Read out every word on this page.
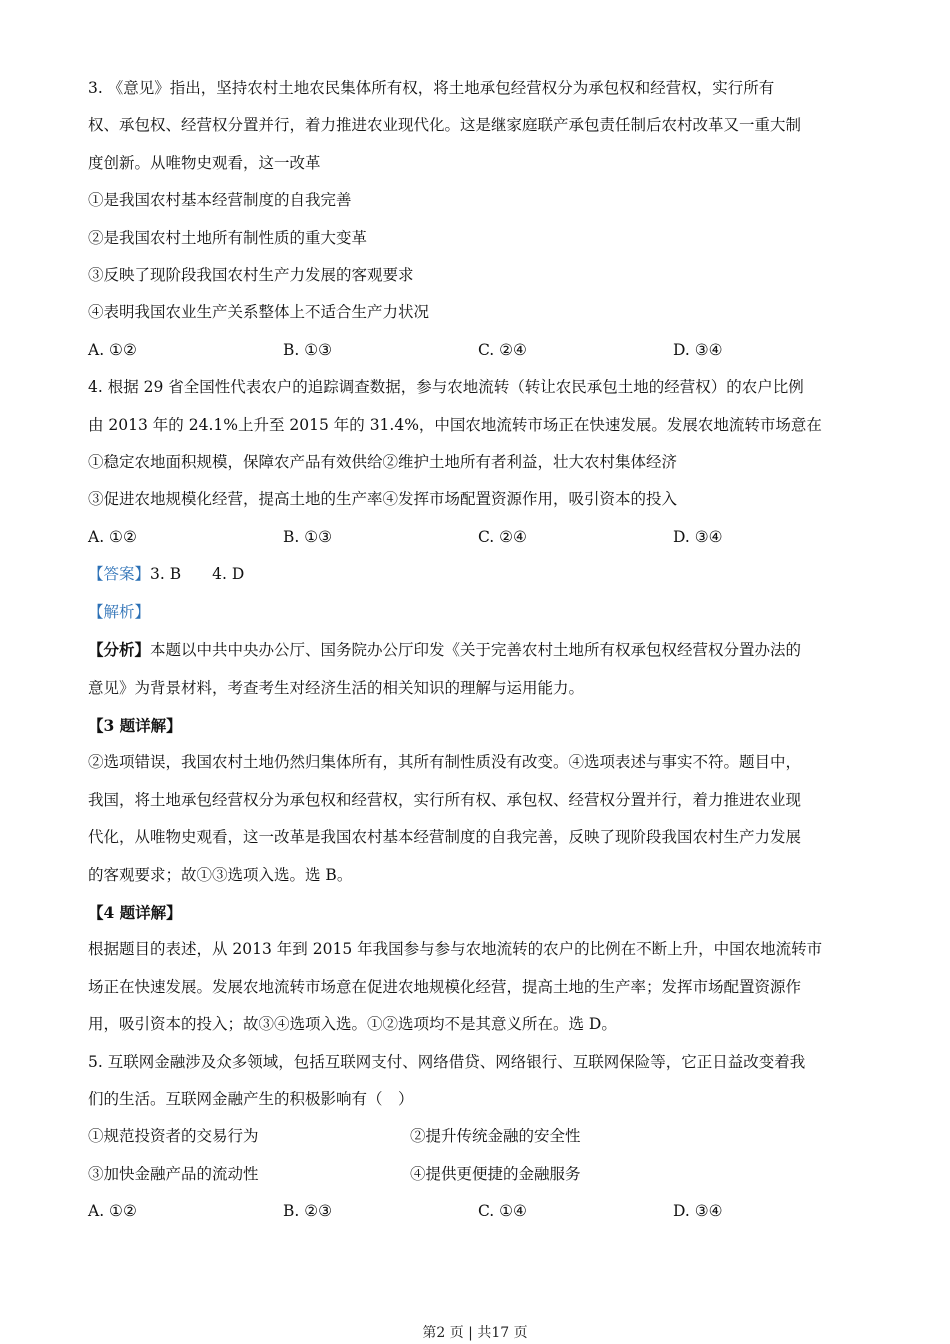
3. 《意见》指出，坚持农村土地农民集体所有权，将土地承包经营权分为承包权和经营权，实行所有

权、承包权、经营权分置并行，着力推进农业现代化。这是继家庭联产承包责任制后农村改革又一重大制

度创新。从唯物史观看，这一改革

①是我国农村基本经营制度的自我完善

②是我国农村土地所有制性质的重大变革

③反映了现阶段我国农村生产力发展的客观要求

④表明我国农业生产关系整体上不适合生产力状况

A. ①②	B. ①③	C. ②④	D. ③④

4. 根据 29 省全国性代表农户的追踪调查数据，参与农地流转（转让农民承包土地的经营权）的农户比例

由 2013 年的 24.1%上升至 2015 年的 31.4%，中国农地流转市场正在快速发展。发展农地流转市场意在

①稳定农地面积规模，保障农产品有效供给②维护土地所有者利益，壮大农村集体经济

③促进农地规模化经营，提高土地的生产率④发挥市场配置资源作用，吸引资本的投入

A. ①②	B. ①③	C. ②④	D. ③④

【答案】3. B　　4. D

【解析】

【分析】本题以中共中央办公厅、国务院办公厅印发《关于完善农村土地所有权承包权经营权分置办法的

意见》为背景材料，考查考生对经济生活的相关知识的理解与运用能力。

【3 题详解】

②选项错误，我国农村土地仍然归集体所有，其所有制性质没有改变。④选项表述与事实不符。题目中，

我国，将土地承包经营权分为承包权和经营权，实行所有权、承包权、经营权分置并行，着力推进农业现

代化，从唯物史观看，这一改革是我国农村基本经营制度的自我完善，反映了现阶段我国农村生产力发展

的客观要求；故①③选项入选。选 B。

【4 题详解】

根据题目的表述，从 2013 年到 2015 年我国参与参与农地流转的农户的比例在不断上升，中国农地流转市

场正在快速发展。发展农地流转市场意在促进农地规模化经营，提高土地的生产率；发挥市场配置资源作

用，吸引资本的投入；故③④选项入选。①②选项均不是其意义所在。选 D。

5. 互联网金融涉及众多领域，包括互联网支付、网络借贷、网络银行、互联网保险等，它正日益改变着我

们的生活。互联网金融产生的积极影响有（　）

①规范投资者的交易行为	②提升传统金融的安全性
③加快金融产品的流动性	④提供更便捷的金融服务
A. ①②	B. ②③	C. ①④	D. ③④
第2 页 | 共17 页
